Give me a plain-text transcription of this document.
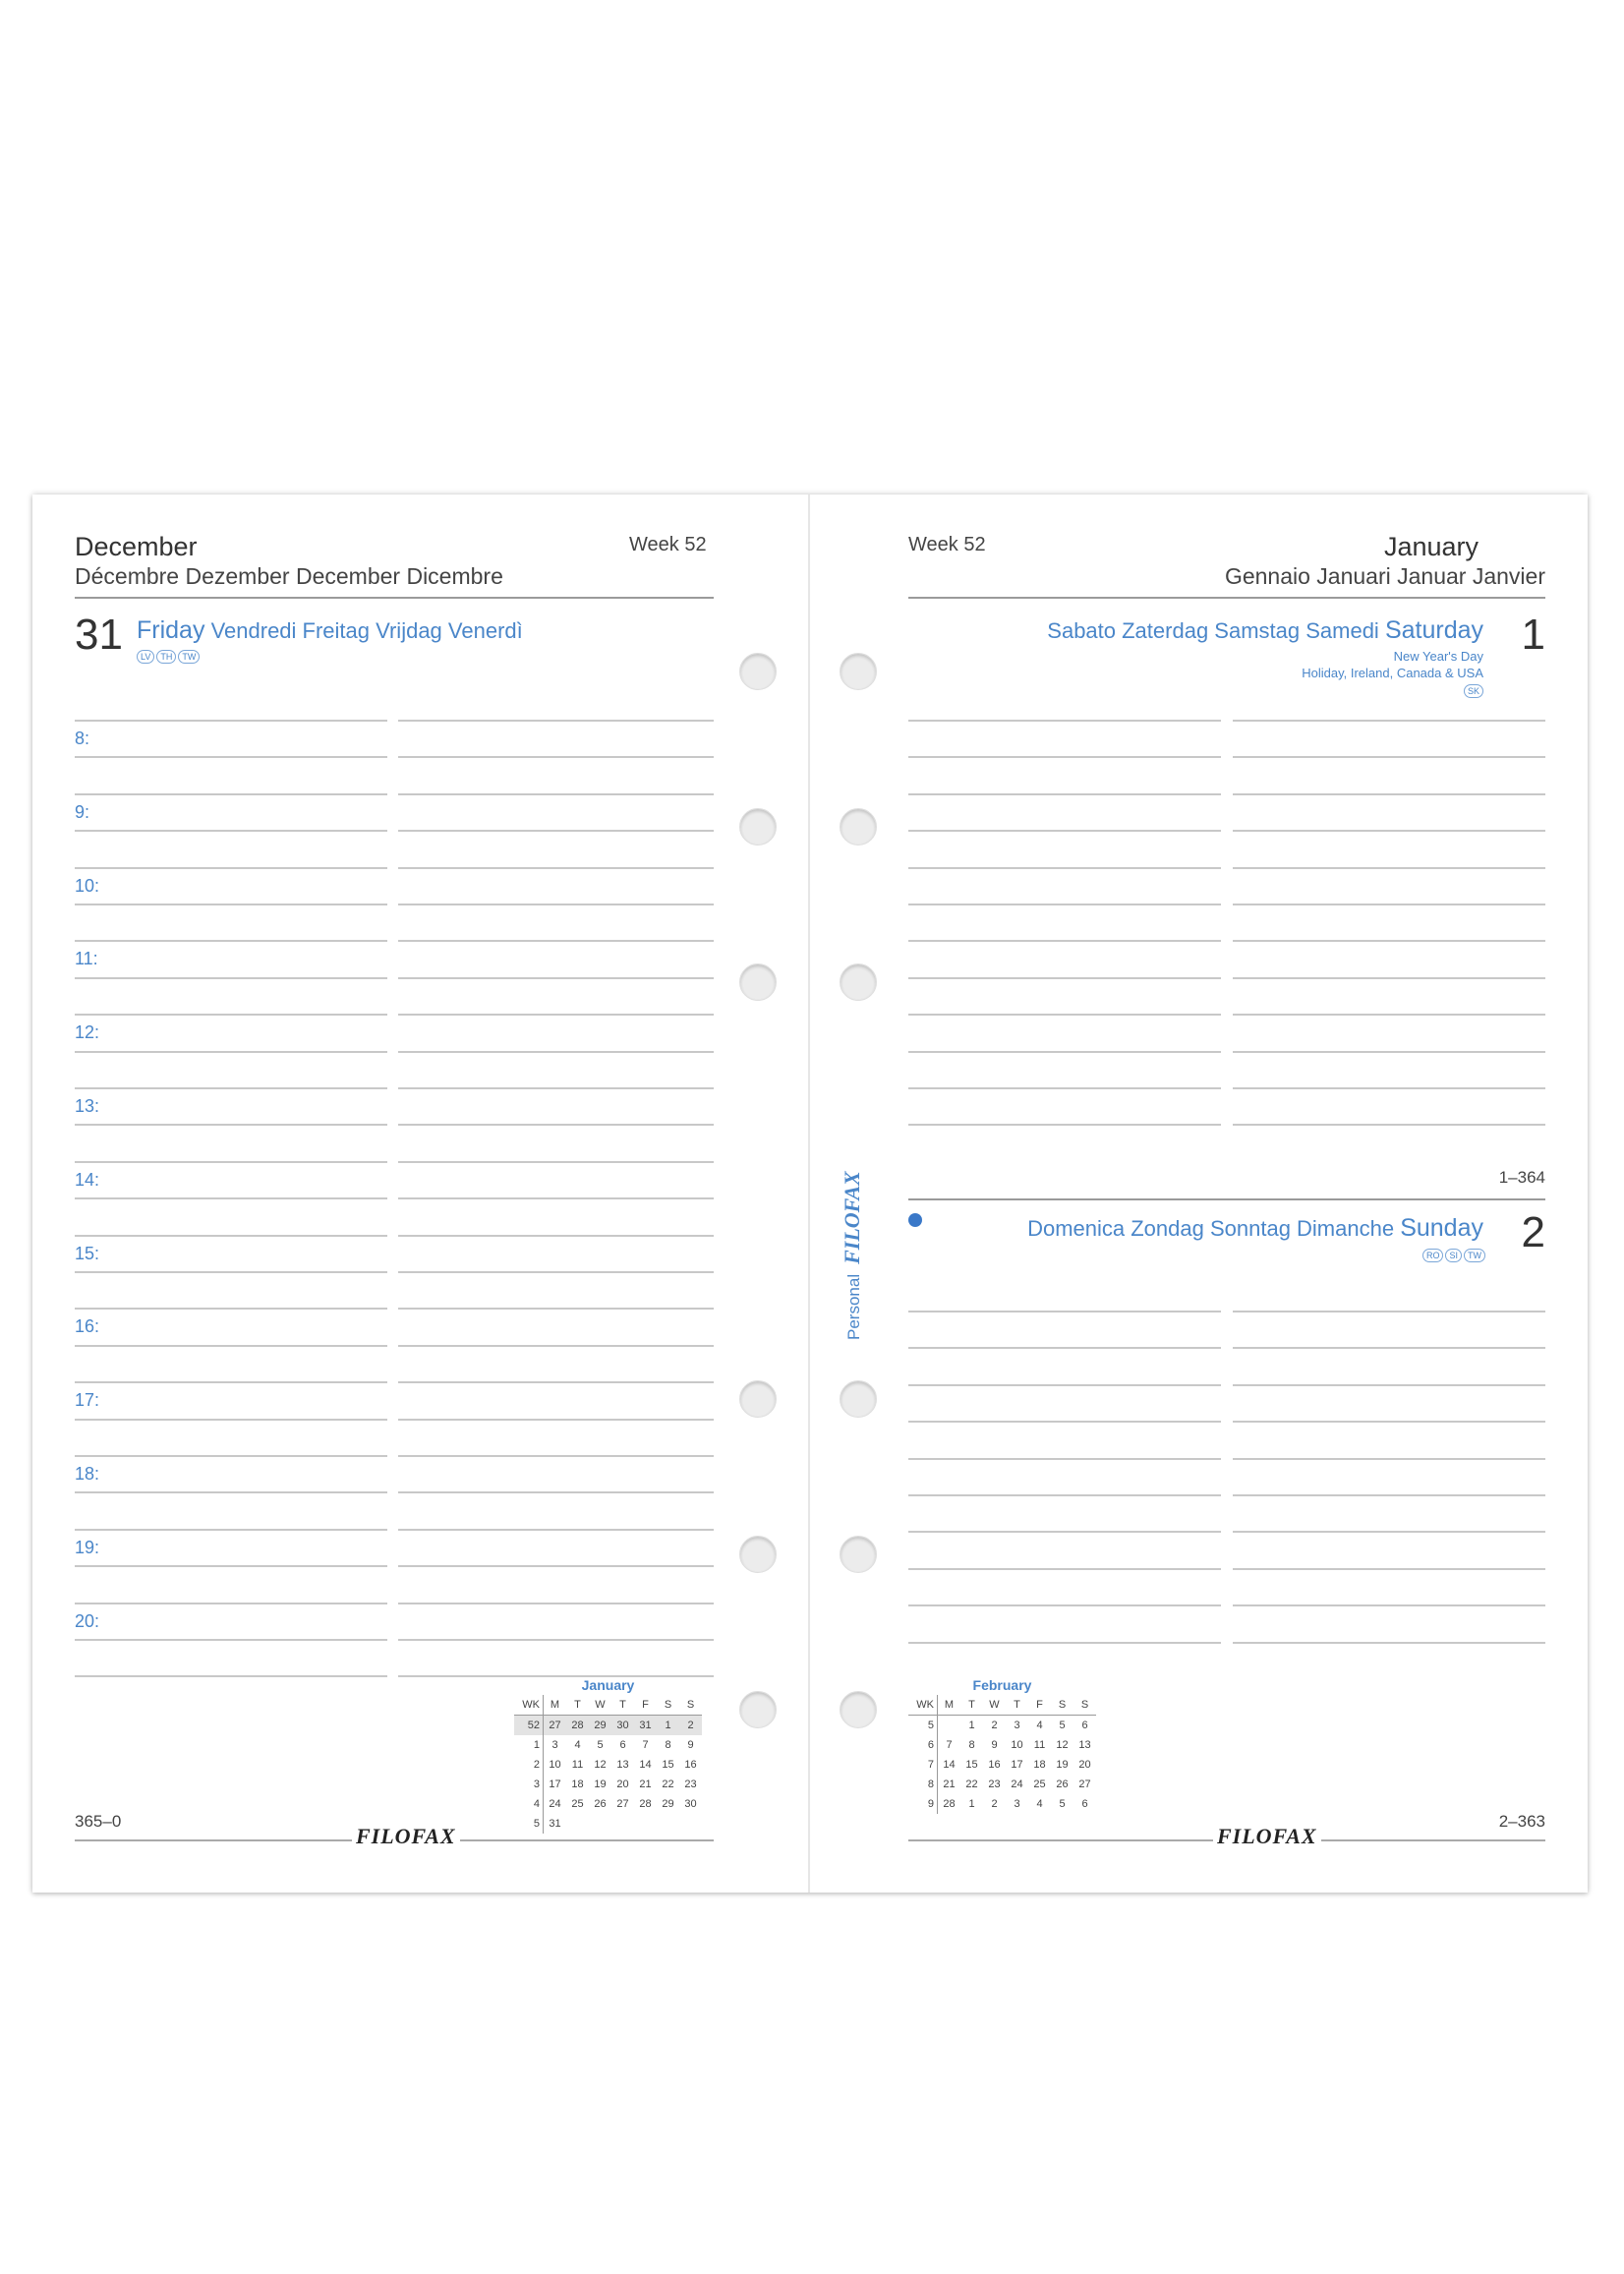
December
Décembre Dezember December Dicembre
Week 52
31 Friday Vendredi Freitag Vrijdag Venerdì
LV TH TW
8:
9:
10:
11:
12:
13:
14:
15:
16:
17:
18:
19:
20:
January
WK	M	T	W	T	F	S	S
52	27	28	29	30	31	1	2
1	3	4	5	6	7	8	9
2	10	11	12	13	14	15	16
3	17	18	19	20	21	22	23
4	24	25	26	27	28	29	30
5	31						
365–0
FILOFAX
Week 52	January
Gennaio Januari Januar Janvier
1
Sabato Zaterdag Samstag Samedi Saturday
New Year's Day
Holiday, Ireland, Canada & USA
SK
1–364
2
Domenica Zondag Sonntag Dimanche Sunday
RO SI TW
February
WK	M	T	W	T	F	S	S
5		1	2	3	4	5	6
6	7	8	9	10	11	12	13
7	14	15	16	17	18	19	20
8	21	22	23	24	25	26	27
9	28	1	2	3	4	5	6
2–363
FILOFAX
PersonalFILOFAX
